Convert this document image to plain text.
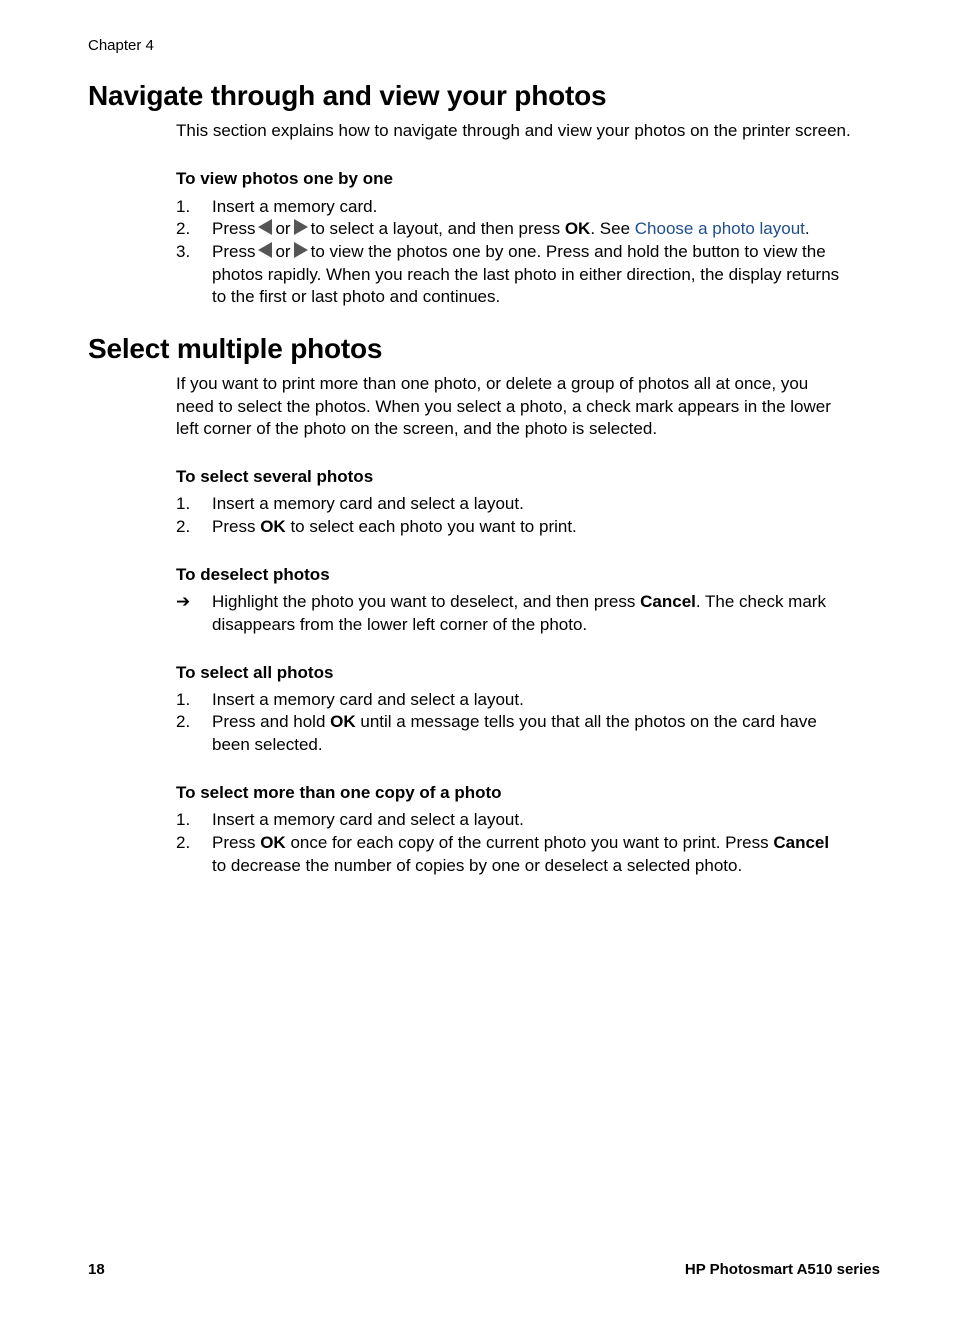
Chapter 4
Navigate through and view your photos
This section explains how to navigate through and view your photos on the printer screen.
To view photos one by one
1. Insert a memory card.
2. Press or to select a layout, and then press OK. See Choose a photo layout.
3. Press or to view the photos one by one. Press and hold the button to view the
photos rapidly. When you reach the last photo in either direction, the display returns
to the first or last photo and continues.
Select multiple photos
If you want to print more than one photo, or delete a group of photos all at once, you
need to select the photos. When you select a photo, a check mark appears in the lower
left corner of the photo on the screen, and the photo is selected.
To select several photos
1. Insert a memory card and select a layout.
2. Press OK to select each photo you want to print.
To deselect photos
➔ Highlight the photo you want to deselect, and then press Cancel. The check mark
disappears from the lower left corner of the photo.
To select all photos
1. Insert a memory card and select a layout.
2. Press and hold OK until a message tells you that all the photos on the card have
been selected.
To select more than one copy of a photo
1. Insert a memory card and select a layout.
2. Press OK once for each copy of the current photo you want to print. Press Cancel
to decrease the number of copies by one or deselect a selected photo.
18	HP Photosmart A510 series
